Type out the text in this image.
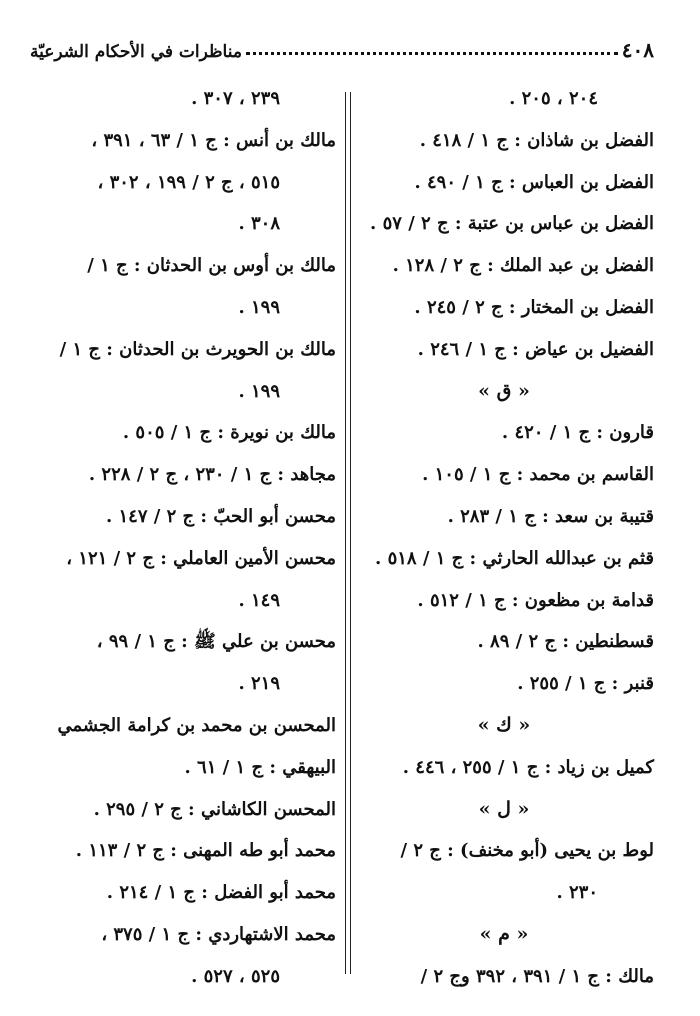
٤٠٨
مناظرات في الأحكام الشرعيّة
٢٠٤ ، ٢٠٥ .
الفضل بن شاذان : ج ١ / ٤١٨ .
الفضل بن العباس : ج ١ / ٤٩٠ .
الفضل بن عباس بن عتبة : ج ٢ / ٥٧ .
الفضل بن عبد الملك : ج ٢ / ١٢٨ .
الفضل بن المختار : ج ٢ / ٢٤٥ .
الفضيل بن عياض : ج ١ / ٢٤٦ .
« ق »
قارون : ج ١ / ٤٢٠ .
القاسم بن محمد : ج ١ / ١٠٥ .
قتيبة بن سعد : ج ١ / ٢٨٣ .
قثم بن عبدالله الحارثي : ج ١ / ٥١٨ .
قدامة بن مظعون : ج ١ / ٥١٢ .
قسطنطين : ج ٢ / ٨٩ .
قنبر : ج ١ / ٢٥٥ .
« ك »
كميل بن زياد : ج ١ / ٢٥٥ ، ٤٤٦ .
« ل »
لوط بن يحيى (أبو مخنف) : ج ٢ /
٢٣٠ .
« م »
مالك : ج ١ / ٣٩١ ، ٣٩٢ وج ٢ /
٢٣٩ ، ٣٠٧ .
مالك بن أنس : ج ١ / ٦٣ ، ٣٩١ ،
٥١٥ ، ج ٢ / ١٩٩ ، ٣٠٢ ،
٣٠٨ .
مالك بن أوس بن الحدثان : ج ١ /
١٩٩ .
مالك بن الحويرث بن الحدثان : ج ١ /
١٩٩ .
مالك بن نويرة : ج ١ / ٥٠٥ .
مجاهد : ج ١ / ٢٣٠ ، ج ٢ / ٢٢٨ .
محسن أبو الحبّ : ج ٢ / ١٤٧ .
محسن الأمين العاملي : ج ٢ / ١٢١ ،
١٤٩ .
محسن بن علي ﷺ : ج ١ / ٩٩ ،
٢١٩ .
المحسن بن محمد بن كرامة الجشمي
البيهقي : ج ١ / ٦١ .
المحسن الكاشاني : ج ٢ / ٢٩٥ .
محمد أبو طه المهنى : ج ٢ / ١١٣ .
محمد أبو الفضل : ج ١ / ٢١٤ .
محمد الاشتهاردي : ج ١ / ٣٧٥ ،
٥٢٥ ، ٥٢٧ .
